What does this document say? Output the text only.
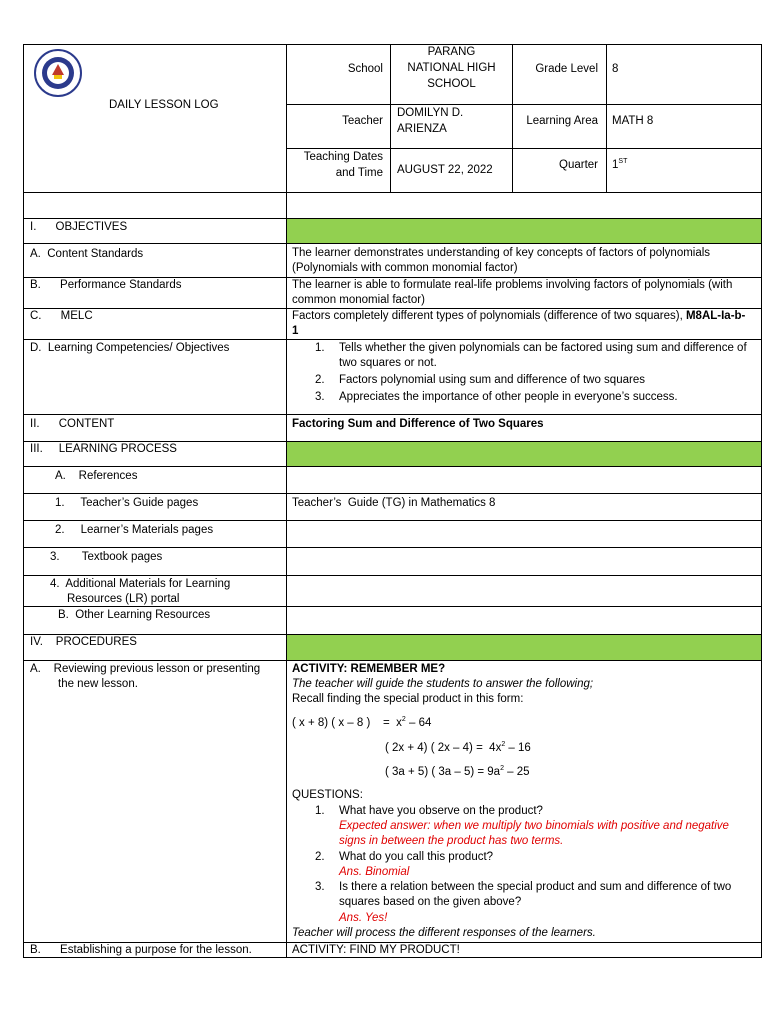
DAILY LESSON LOG
School
PARANG
NATIONAL HIGH
SCHOOL
Grade Level 8
Teacher
DOMILYN D.
ARIENZA
Learning Area MATH 8
Teaching Dates
and Time AUGUST 22, 2022	Quarter 1ST
I.      OBJECTIVES
A.  Content Standards
B.      Performance Standards
C.      MELC
D.  Learning Competencies/ Objectives
II.      CONTENT
III.     LEARNING PROCESS
A.    References
1.     Teacher’s Guide pages
2.     Learner’s Materials pages
3.       Textbook pages
4.  Additional Materials for Learning
Resources (LR) portal
B.  Other Learning Resources
IV.    PROCEDURES
A.    Reviewing previous lesson or presenting
the new lesson.
B.      Establishing a purpose for the lesson.
The learner demonstrates understanding of key concepts of factors of polynomials
(Polynomials with common monomial factor)
The learner is able to formulate real-life problems involving factors of polynomials (with
common monomial factor)
Factors completely different types of polynomials (difference of two squares), M8AL-Ia-b-
1
1. Tells whether the given polynomials can be factored using sum and difference of
two squares or not.
2. Factors polynomial using sum and difference of two squares
3. Appreciates the importance of other people in everyone’s success.
Factoring Sum and Difference of Two Squares
Teacher’s  Guide (TG) in Mathematics 8
ACTIVITY: REMEMBER ME?
The teacher will guide the students to answer the following;
Recall finding the special product in this form:
( x + 8) ( x – 8 )    =  $x^2 - 64$
( 2x + 4) ( $2x - 4) = 4x^2 - 16$
( 3a + 5) ( $3a - 5) = 9a^2 - 25$
QUESTIONS:
1. What have you observe on the product?
Expected answer: when we multiply two binomials with positive and negative
signs in between the product has two terms.
2. What do you call this product?
Ans. Binomial
3. Is there a relation between the special product and sum and difference of two
squares based on the given above?
Ans. Yes!
Teacher will process the different responses of the learners.
ACTIVITY: FIND MY PRODUCT!
